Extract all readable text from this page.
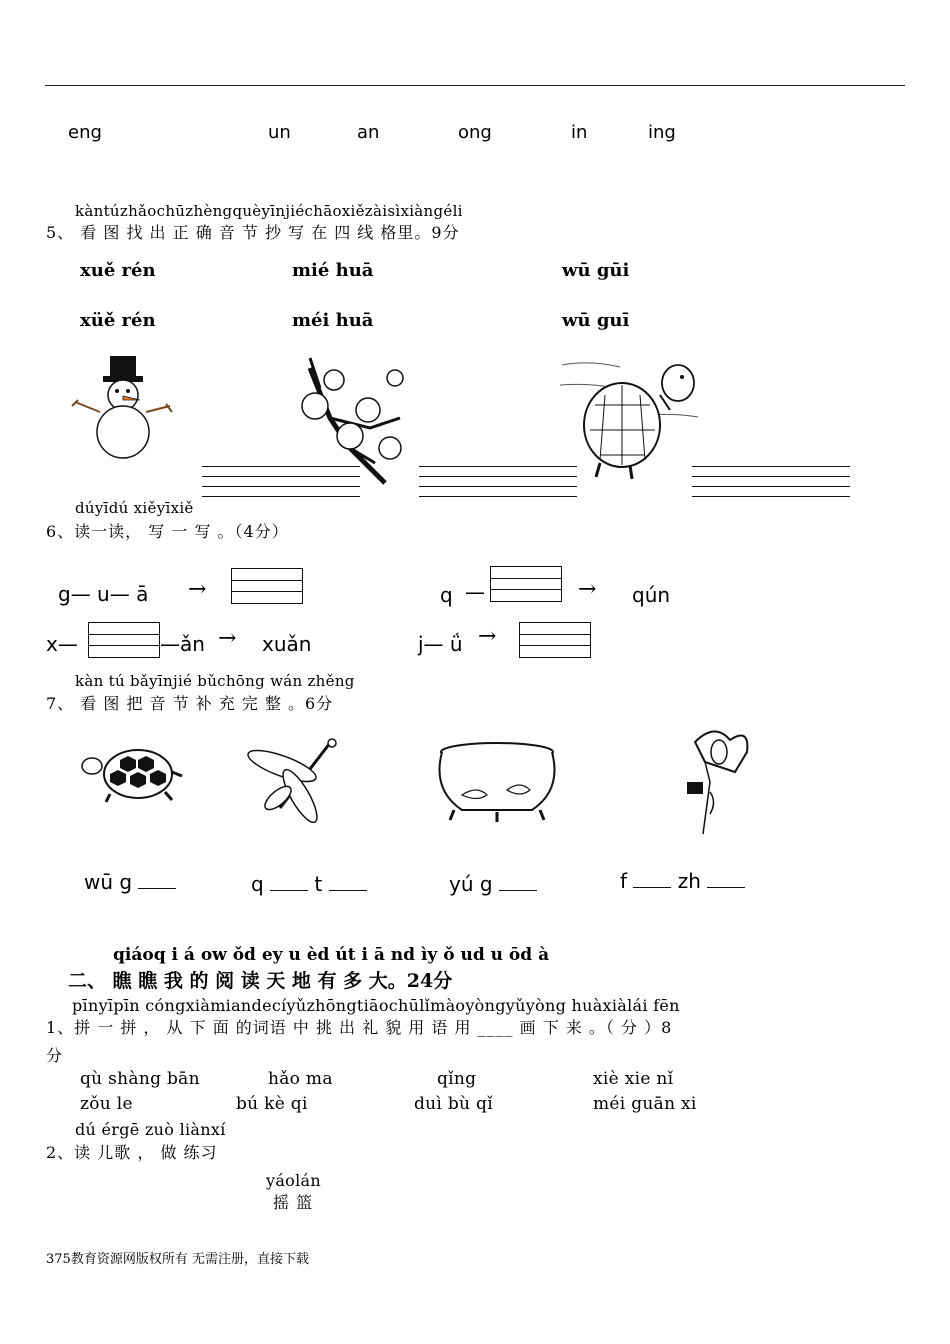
eng	un	an	ong	in	ing
kàntúzhǎochūzhèngquèyīnjiéchāoxiězàisìxiàngéli
5、 看 图 找 出 正 确 音 节 抄 写 在 四 线 格里。9分
xuě rén
xüě rén
mié huā
méi huā
wū gūi
wū guī
dúyīdú xiěyīxiě
6、读一读， 写 一 写 。（4分）
g— u— ā →	q —	→ qún
x—	—ǎn → xuǎn	j— ǘ →
kàn tú bǎyīnjié bǔchōng wán zhěng
7、 看 图 把 音 节 补 充 完 整 。6分
wū g	q	t	yú g	f	zh
qiáoq i á ow ǒd ey u èd út i ā nd ìy ǒ ud u ōd à
二、 瞧 瞧 我 的 阅 读 天 地 有 多 大。24分
pīnyīpīn cóngxiàmiandecíyǔzhōngtiāochūlǐmàoyòngyǔyòng huàxiàlái fēn
1、拼 一 拼 ， 从 下 面 的词语 中 挑 出 礼 貌 用 语 用 ____ 画 下 来 。（ 分 ）8
分
qù shàng bān	hǎo ma	qǐng	xiè xie nǐ
zǒu le	bú kè qi	duì bù qǐ	méi guān xi
dú érgē zuò liànxí
2、读 儿歌 ， 做 练习
yáolán
摇 篮
375教育资源网版权所有 无需注册，直接下载
